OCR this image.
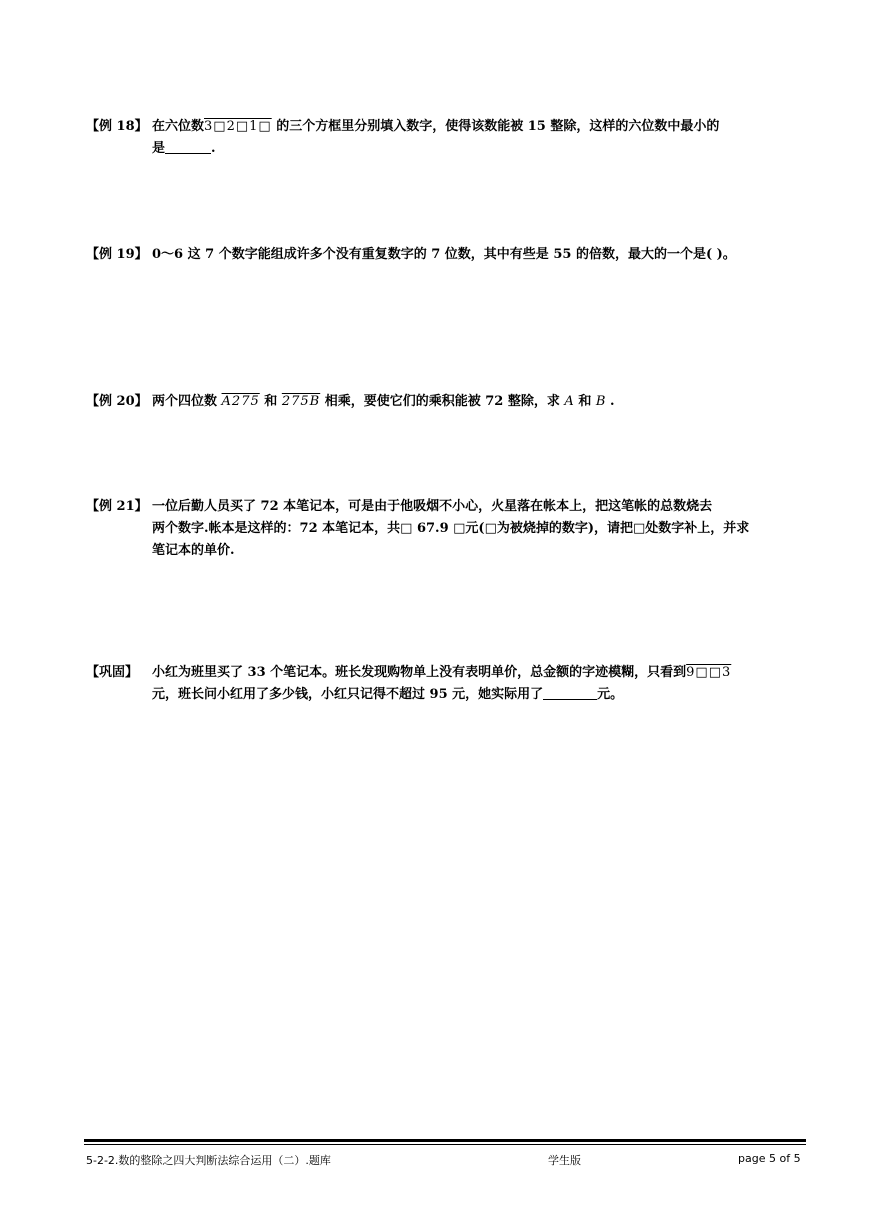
【例 18】 在六位数3□2□1□ 的三个方框里分别填入数字，使得该数能被 15 整除，这样的六位数中最小的
是	.
【例 19】 0～6 这 7 个数字能组成许多个没有重复数字的 7 位数，其中有些是 55 的倍数，最大的一个是( )。
【例 20】 两个四位数 A275 和 275B 相乘，要使它们的乘积能被 72 整除，求 A 和 B .
【例 21】 一位后勤人员买了 72 本笔记本，可是由于他吸烟不小心，火星落在帐本上，把这笔帐的总数烧去
两个数字.帐本是这样的：72 本笔记本，共□ 67.9 □元(□为被烧掉的数字)，请把□处数字补上，并求
笔记本的单价.
【巩固】 小红为班里买了 33 个笔记本。班长发现购物单上没有表明单价，总金额的字迹模糊，只看到9□□3
元，班长问小红用了多少钱，小红只记得不超过 95 元，她实际用了	元。
5-2-2.数的整除之四大判断法综合运用（二）.题库	学生版	page 5 of 5
